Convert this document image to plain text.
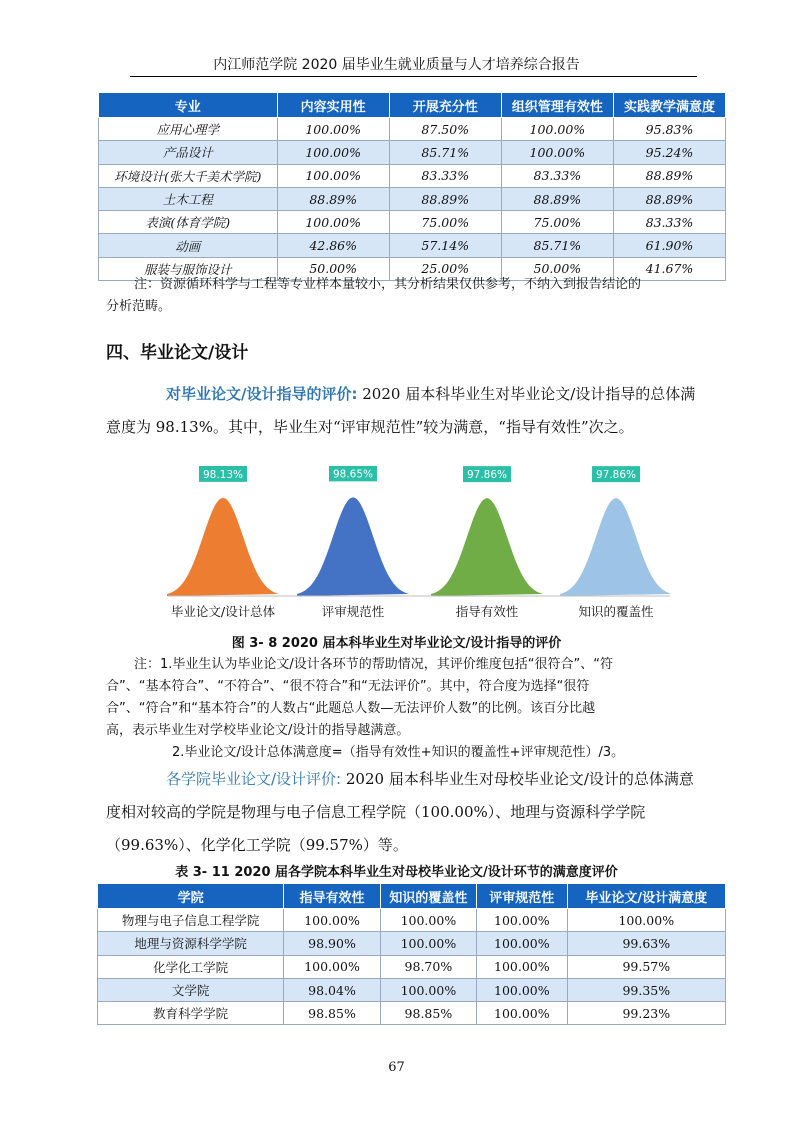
内江师范学院 2020 届毕业生就业质量与人才培养综合报告
专业	内容实用性	开展充分性	组织管理有效性	实践教学满意度
应用心理学	100.00%	87.50%	100.00%	95.83%
产品设计	100.00%	85.71%	100.00%	95.24%
环境设计(张大千美术学院)	100.00%	83.33%	83.33%	88.89%
土木工程	88.89%	88.89%	88.89%	88.89%
表演(体育学院)	100.00%	75.00%	75.00%	83.33%
动画	42.86%	57.14%	85.71%	61.90%
服装与服饰设计	50.00%	25.00%	50.00%	41.67%
注：资源循环科学与工程等专业样本量较小，其分析结果仅供参考，不纳入到报告结论的
分析范畴。
四、毕业论文/设计
对毕业论文/设计指导的评价: 2020 届本科毕业生对毕业论文/设计指导的总体满意度为 98.13%。其中，毕业生对“评审规范性”较为满意，“指导有效性”次之。
98.13%	98.65%	97.86%	97.86%
毕业论文/设计总体	评审规范性	指导有效性	知识的覆盖性
图 3- 8 2020 届本科毕业生对毕业论文/设计指导的评价
注：1.毕业生认为毕业论文/设计各环节的帮助情况，其评价维度包括“很符合”、“符
合”、“基本符合”、“不符合”、“很不符合”和“无法评价”。其中，符合度为选择“很符
合”、“符合”和“基本符合”的人数占“此题总人数—无法评价人数”的比例。该百分比越
高，表示毕业生对学校毕业论文/设计的指导越满意。
2.毕业论文/设计总体满意度=（指导有效性+知识的覆盖性+评审规范性）/3。
各学院毕业论文/设计评价: 2020 届本科毕业生对母校毕业论文/设计的总体满意度相对较高的学院是物理与电子信息工程学院（100.00%）、地理与资源科学学院（99.63%）、化学化工学院（99.57%）等。
表 3- 11 2020 届各学院本科毕业生对母校毕业论文/设计环节的满意度评价
学院	指导有效性	知识的覆盖性	评审规范性	毕业论文/设计满意度
物理与电子信息工程学院	100.00%	100.00%	100.00%	100.00%
地理与资源科学学院	98.90%	100.00%	100.00%	99.63%
化学化工学院	100.00%	98.70%	100.00%	99.57%
文学院	98.04%	100.00%	100.00%	99.35%
教育科学学院	98.85%	98.85%	100.00%	99.23%
67
